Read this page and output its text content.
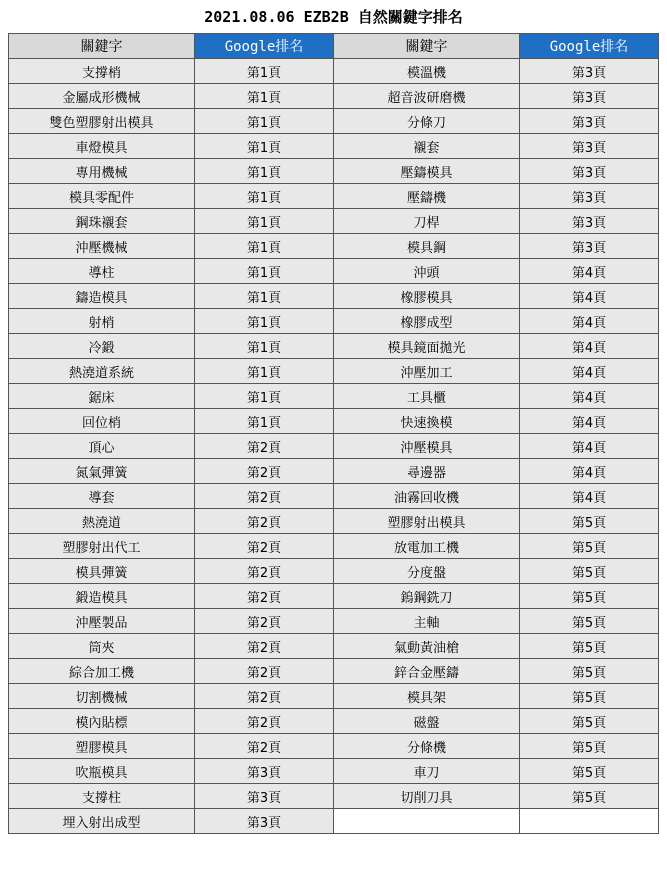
2021.08.06 EZB2B 自然關鍵字排名
關鍵字	Google排名	關鍵字	Google排名
支撐梢	第1頁	模溫機	第3頁
金屬成形機械	第1頁	超音波研磨機	第3頁
雙色塑膠射出模具	第1頁	分條刀	第3頁
車燈模具	第1頁	襯套	第3頁
專用機械	第1頁	壓鑄模具	第3頁
模具零配件	第1頁	壓鑄機	第3頁
鋼珠襯套	第1頁	刀桿	第3頁
沖壓機械	第1頁	模具鋼	第3頁
導柱	第1頁	沖頭	第4頁
鑄造模具	第1頁	橡膠模具	第4頁
射梢	第1頁	橡膠成型	第4頁
冷鍛	第1頁	模具鏡面拋光	第4頁
熱澆道系統	第1頁	沖壓加工	第4頁
鋸床	第1頁	工具櫃	第4頁
回位梢	第1頁	快速換模	第4頁
頂心	第2頁	沖壓模具	第4頁
氮氣彈簧	第2頁	尋邊器	第4頁
導套	第2頁	油霧回收機	第4頁
熱澆道	第2頁	塑膠射出模具	第5頁
塑膠射出代工	第2頁	放電加工機	第5頁
模具彈簧	第2頁	分度盤	第5頁
鍛造模具	第2頁	鎢鋼銑刀	第5頁
沖壓製品	第2頁	主軸	第5頁
筒夾	第2頁	氣動黃油槍	第5頁
綜合加工機	第2頁	鋅合金壓鑄	第5頁
切割機械	第2頁	模具架	第5頁
模內貼標	第2頁	磁盤	第5頁
塑膠模具	第2頁	分條機	第5頁
吹瓶模具	第3頁	車刀	第5頁
支撐柱	第3頁	切削刀具	第5頁
埋入射出成型	第3頁		
